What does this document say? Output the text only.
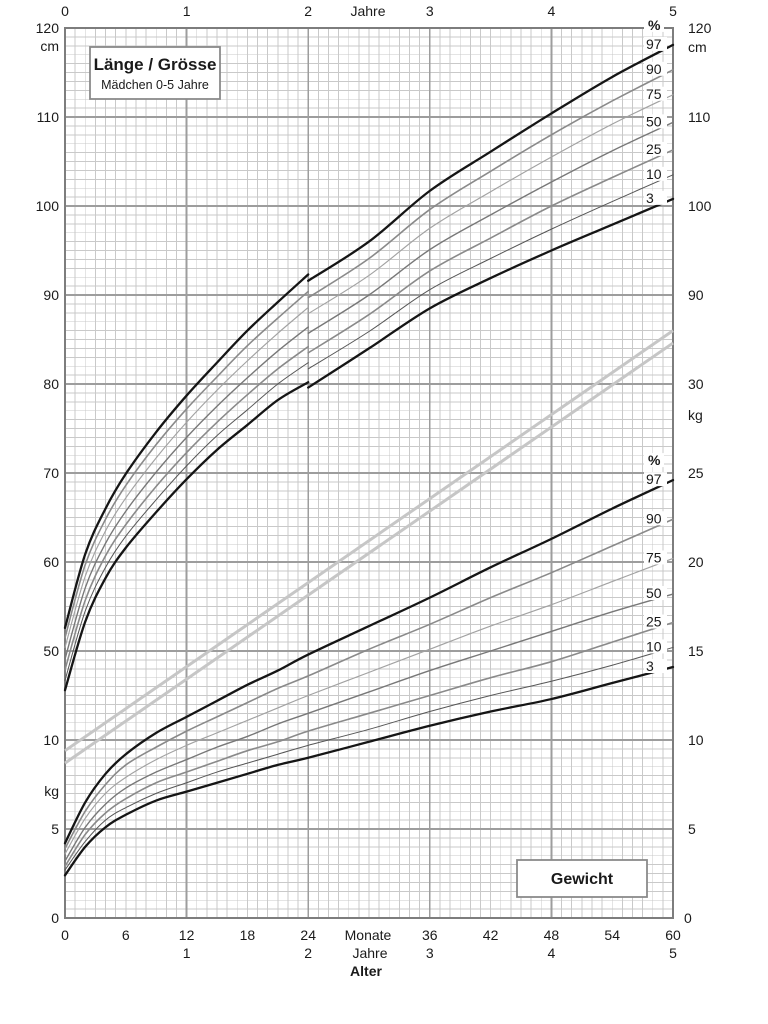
0	1	2	3	4	5
0	6	12	18	24	36	42	48	54	60
1	2	3	4	5
120
110
100
90
80
70
60
50
cm
10
5
0
kg
120
110
100
90
cm
30
25
20
15
10
5
0
kg
97
90
75
50
25
10
3
%
97
90
75
50
25
10
3
%
Jahre
Monate
Jahre
Alter
Länge / Grösse
Mädchen 0-5 Jahre
Gewicht
